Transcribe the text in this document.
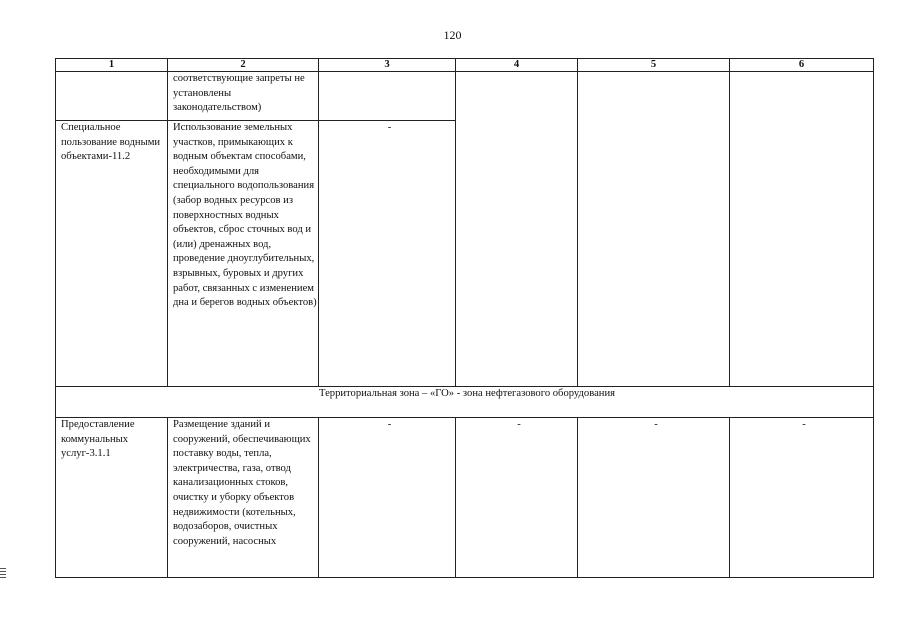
120
1	2	3	4	5	6
	соответствующие запреты не установлены законодательством)				
Специальное пользование водными объектами-11.2	Использование земельных участков, примыкающих к водным объектам способами, необходимыми для специального водопользования (забор водных ресурсов из поверхностных водных объектов, сброс сточных вод и (или) дренажных вод, проведение дноуглубительных, взрывных, буровых и других работ, связанных с изменением дна и берегов водных объектов)	-			
Территориальная зона – «ГО» - зона нефтегазового оборудования					
Предоставление коммунальных услуг-3.1.1	Размещение зданий и сооружений, обеспечивающих поставку воды, тепла, электричества, газа, отвод канализационных стоков, очистку и уборку объектов недвижимости (котельных, водозаборов, очистных сооружений, насосных	-	-	-	-
